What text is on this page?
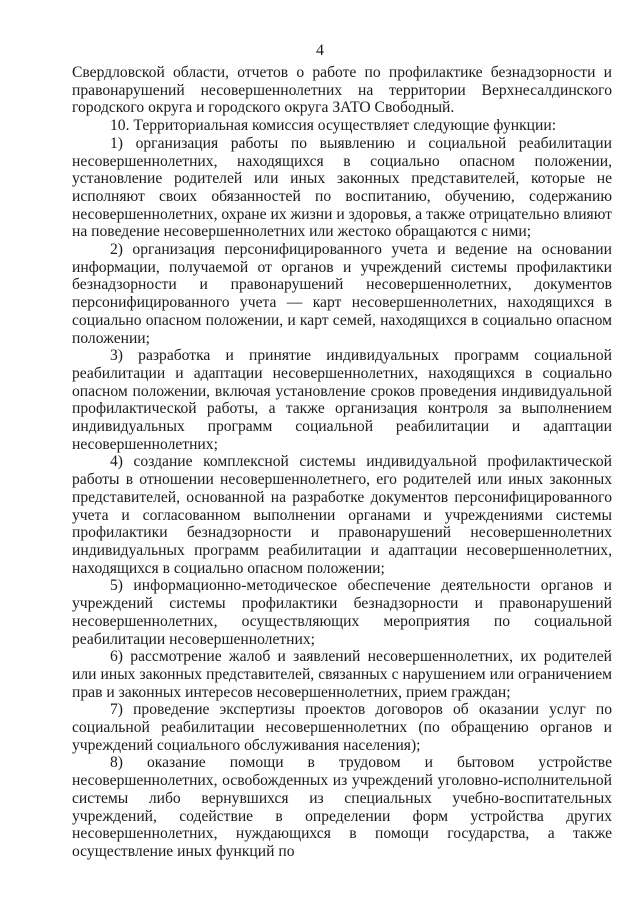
4

Свердловской области, отчетов о работе по профилактике безнадзорности и правонарушений несовершеннолетних на территории Верхнесалдинского городского округа и городского округа ЗАТО Свободный.

10. Территориальная комиссия осуществляет следующие функции:

1) организация работы по выявлению и социальной реабилитации несовершеннолетних, находящихся в социально опасном положении, установление родителей или иных законных представителей, которые не исполняют своих обязанностей по воспитанию, обучению, содержанию несовершеннолетних, охране их жизни и здоровья, а также отрицательно влияют на поведение несовершеннолетних или жестоко обращаются с ними;

2) организация персонифицированного учета и ведение на основании информации, получаемой от органов и учреждений системы профилактики безнадзорности и правонарушений несовершеннолетних, документов персонифицированного учета — карт несовершеннолетних, находящихся в социально опасном положении, и карт семей, находящихся в социально опасном положении;

3) разработка и принятие индивидуальных программ социальной реабилитации и адаптации несовершеннолетних, находящихся в социально опасном положении, включая установление сроков проведения индивидуальной профилактической работы, а также организация контроля за выполнением индивидуальных программ социальной реабилитации и адаптации несовершеннолетних;

4) создание комплексной системы индивидуальной профилактической работы в отношении несовершеннолетнего, его родителей или иных законных представителей, основанной на разработке документов персонифицированного учета и согласованном выполнении органами и учреждениями системы профилактики безнадзорности и правонарушений несовершеннолетних индивидуальных программ реабилитации и адаптации несовершеннолетних, находящихся в социально опасном положении;

5) информационно-методическое обеспечение деятельности органов и учреждений системы профилактики безнадзорности и правонарушений несовершеннолетних, осуществляющих мероприятия по социальной реабилитации несовершеннолетних;

6) рассмотрение жалоб и заявлений несовершеннолетних, их родителей или иных законных представителей, связанных с нарушением или ограничением прав и законных интересов несовершеннолетних, прием граждан;

7) проведение экспертизы проектов договоров об оказании услуг по социальной реабилитации несовершеннолетних (по обращению органов и учреждений социального обслуживания населения);

8) оказание помощи в трудовом и бытовом устройстве несовершеннолетних, освобожденных из учреждений уголовно-исполнительной системы либо вернувшихся из специальных учебно-воспитательных учреждений, содействие в определении форм устройства других несовершеннолетних, нуждающихся в помощи государства, а также осуществление иных функций по
